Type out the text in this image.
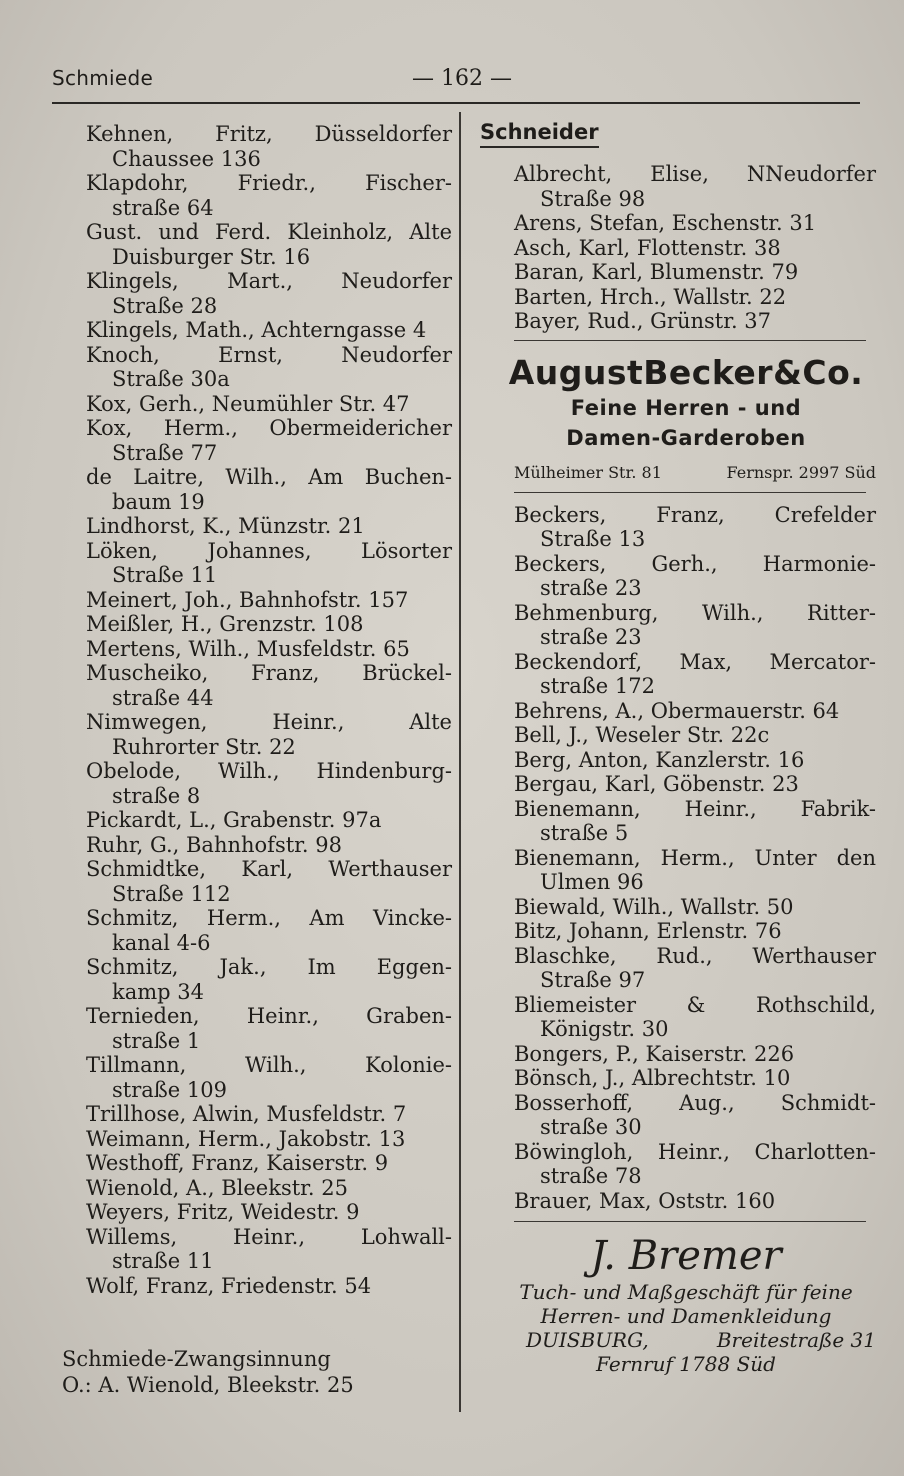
Schmiede	— 162 —
Kehnen, Fritz, Düsseldorfer
Chaussee 136
Klapdohr, Friedr., Fischer-
straße 64
Gust. und Ferd. Kleinholz, Alte
Duisburger Str. 16
Klingels, Mart., Neudorfer
Straße 28
Klingels, Math., Achterngasse 4
Knoch, Ernst, Neudorfer
Straße 30a
Kox, Gerh., Neumühler Str. 47
Kox, Herm., Obermeidericher
Straße 77
de Laitre, Wilh., Am Buchen-
baum 19
Lindhorst, K., Münzstr. 21
Löken, Johannes, Lösorter
Straße 11
Meinert, Joh., Bahnhofstr. 157
Meißler, H., Grenzstr. 108
Mertens, Wilh., Musfeldstr. 65
Muscheiko, Franz, Brückel-
straße 44
Nimwegen, Heinr., Alte
Ruhrorter Str. 22
Obelode, Wilh., Hindenburg-
straße 8
Pickardt, L., Grabenstr. 97a
Ruhr, G., Bahnhofstr. 98
Schmidtke, Karl, Werthauser
Straße 112
Schmitz, Herm., Am Vincke-
kanal 4-6
Schmitz, Jak., Im Eggen-
kamp 34
Ternieden, Heinr., Graben-
straße 1
Tillmann, Wilh., Kolonie-
straße 109
Trillhose, Alwin, Musfeldstr. 7
Weimann, Herm., Jakobstr. 13
Westhoff, Franz, Kaiserstr. 9
Wienold, A., Bleekstr. 25
Weyers, Fritz, Weidestr. 9
Willems, Heinr., Lohwall-
straße 11
Wolf, Franz, Friedenstr. 54
Schmiede-Zwangsinnung
O.: A. Wienold, Bleekstr. 25
Schneider
Albrecht, Elise, NNeudorfer
Straße 98
Arens, Stefan, Eschenstr. 31
Asch, Karl, Flottenstr. 38
Baran, Karl, Blumenstr. 79
Barten, Hrch., Wallstr. 22
Bayer, Rud., Grünstr. 37
AugustBecker&Co.
Feine Herren - und
Damen-Garderoben
Mülheimer Str. 81	Fernspr. 2997 Süd
Beckers, Franz, Crefelder
Straße 13
Beckers, Gerh., Harmonie-
straße 23
Behmenburg, Wilh., Ritter-
straße 23
Beckendorf, Max, Mercator-
straße 172
Behrens, A., Obermauerstr. 64
Bell, J., Weseler Str. 22c
Berg, Anton, Kanzlerstr. 16
Bergau, Karl, Göbenstr. 23
Bienemann, Heinr., Fabrik-
straße 5
Bienemann, Herm., Unter den
Ulmen 96
Biewald, Wilh., Wallstr. 50
Bitz, Johann, Erlenstr. 76
Blaschke, Rud., Werthauser
Straße 97
Bliemeister & Rothschild,
Königstr. 30
Bongers, P., Kaiserstr. 226
Bönsch, J., Albrechtstr. 10
Bosserhoff, Aug., Schmidt-
straße 30
Böwingloh, Heinr., Charlotten-
straße 78
Brauer, Max, Oststr. 160
J. Bremer
Tuch- und Maßgeschäft für feine
Herren- und Damenkleidung
DUISBURG,	Breitestraße 31
Fernruf 1788 Süd
